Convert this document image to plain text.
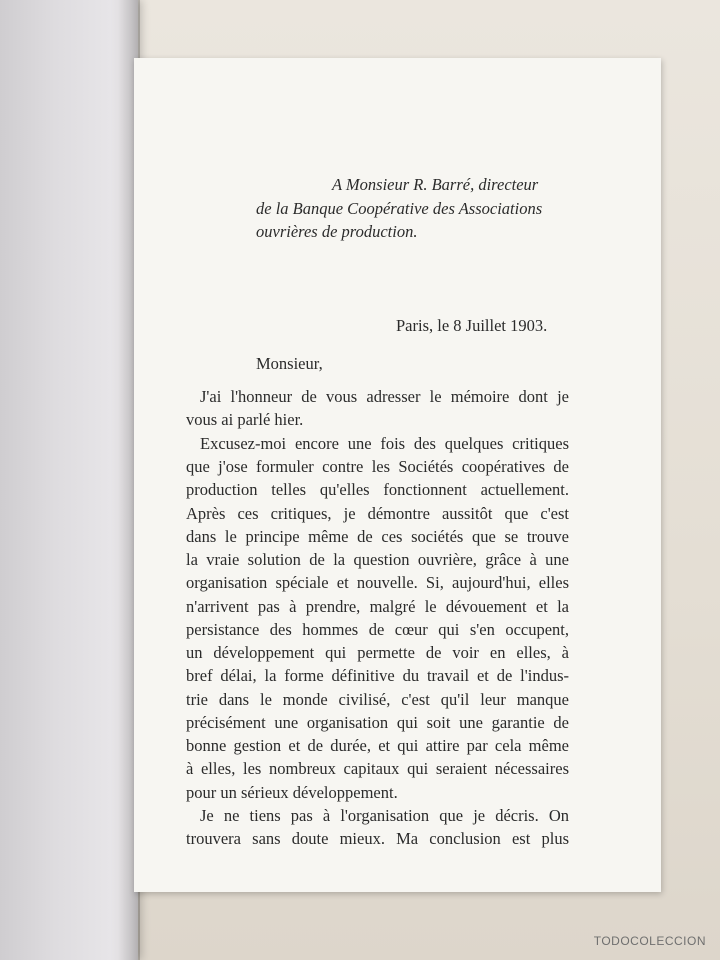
A Monsieur R. Barré, directeur
de la Banque Coopérative des Associations
ouvrières de production.
Paris, le 8 Juillet 1903.
Monsieur,
J'ai l'honneur de vous adresser le mémoire dont je
vous ai parlé hier.
Excusez-moi encore une fois des quelques critiques
que j'ose formuler contre les Sociétés coopératives de
production telles qu'elles fonctionnent actuellement.
Après ces critiques, je démontre aussitôt que c'est
dans le principe même de ces sociétés que se trouve
la vraie solution de la question ouvrière, grâce à une
organisation spéciale et nouvelle. Si, aujourd'hui, elles
n'arrivent pas à prendre, malgré le dévouement et la
persistance des hommes de cœur qui s'en occupent,
un développement qui permette de voir en elles, à
bref délai, la forme définitive du travail et de l'indus-
trie dans le monde civilisé, c'est qu'il leur manque
précisément une organisation qui soit une garantie de
bonne gestion et de durée, et qui attire par cela même
à elles, les nombreux capitaux qui seraient nécessaires
pour un sérieux développement.
Je ne tiens pas à l'organisation que je décris. On
trouvera sans doute mieux. Ma conclusion est plus
TODOCOLECCION
